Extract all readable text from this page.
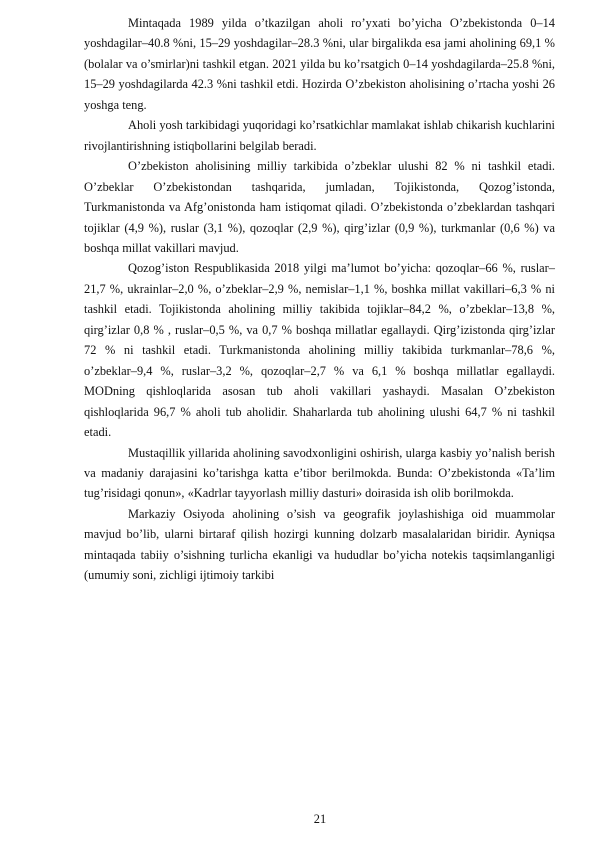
Mintaqada 1989 yilda o’tkazilgan aholi ro’yxati bo’yicha O’zbekistonda 0–14 yoshdagilar–40.8 %ni, 15–29 yoshdagilar–28.3 %ni, ular birgalikda esa jami aholining 69,1 % (bolalar va o’smirlar)ni tashkil etgan. 2021 yilda bu ko’rsatgich 0–14 yoshdagilarda–25.8 %ni, 15–29 yoshdagilarda 42.3 %ni tashkil etdi. Hozirda O’zbekiston aholisining o’rtacha yoshi 26 yoshga teng.

Aholi yosh tarkibidagi yuqoridagi ko’rsatkichlar mamlakat ishlab chikarish kuchlarini rivojlantirishning istiqbollarini belgilab beradi.

O’zbekiston aholisining milliy tarkibida o’zbeklar ulushi 82 % ni tashkil etadi. O’zbeklar O’zbekistondan tashqarida, jumladan, Tojikistonda, Qozog’istonda, Turkmanistonda va Afg’onistonda ham istiqomat qiladi. O’zbekistonda o’zbeklardan tashqari tojiklar (4,9 %), ruslar (3,1 %), qozoqlar (2,9 %), qirg’izlar (0,9 %), turkmanlar (0,6 %) va boshqa millat vakillari mavjud.

Qozog’iston Respublikasida 2018 yilgi ma’lumot bo’yicha: qozoqlar–66 %, ruslar–21,7 %, ukrainlar–2,0 %, o’zbeklar–2,9 %, nemislar–1,1 %, boshka millat vakillari–6,3 % ni tashkil etadi. Tojikistonda aholining milliy takibida tojiklar–84,2 %, o’zbeklar–13,8 %, qirg’izlar 0,8 % , ruslar–0,5 %, va 0,7 % boshqa millatlar egallaydi. Qirg’izistonda qirg’izlar 72 % ni tashkil etadi. Turkmanistonda aholining milliy takibida turkmanlar–78,6 %, o’zbeklar–9,4 %, ruslar–3,2 %, qozoqlar–2,7 % va 6,1 % boshqa millatlar egallaydi. MODning qishloqlarida asosan tub aholi vakillari yashaydi. Masalan O’zbekiston qishloqlarida 96,7 % aholi tub aholidir. Shaharlarda tub aholining ulushi 64,7 % ni tashkil etadi.

Mustaqillik yillarida aholining savodxonligini oshirish, ularga kasbiy yo’nalish berish va madaniy darajasini ko’tarishga katta e’tibor berilmokda. Bunda: O’zbekistonda «Ta’lim tug’risidagi qonun», «Kadrlar tayyorlash milliy dasturi» doirasida ish olib borilmokda.

Markaziy Osiyoda aholining o’sish va geografik joylashishiga oid muammolar mavjud bo’lib, ularni birtaraf qilish hozirgi kunning dolzarb masalalaridan biridir. Ayniqsa mintaqada tabiiy o’sishning turlicha ekanligi va hududlar bo’yicha notekis taqsimlanganligi (umumiy soni, zichligi ijtimoiy tarkibi

21
